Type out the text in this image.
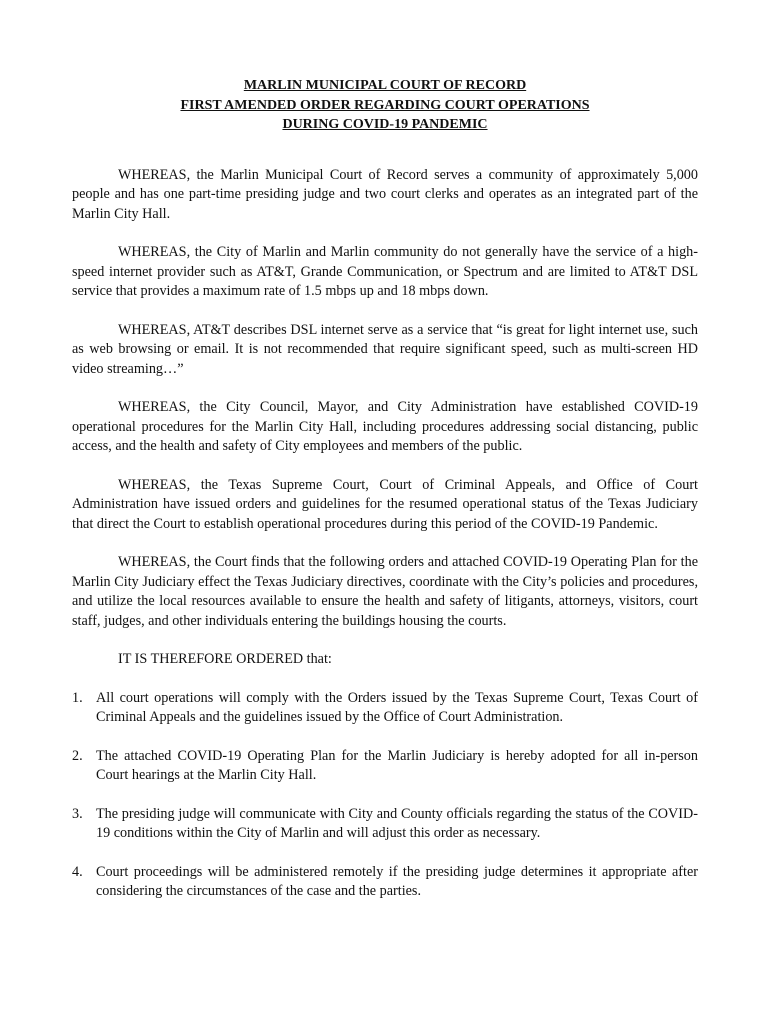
MARLIN MUNICIPAL COURT OF RECORD
FIRST AMENDED ORDER REGARDING COURT OPERATIONS
DURING COVID-19 PANDEMIC

WHEREAS, the Marlin Municipal Court of Record serves a community of approximately 5,000 people and has one part-time presiding judge and two court clerks and operates as an integrated part of the Marlin City Hall.

WHEREAS, the City of Marlin and Marlin community do not generally have the service of a high-speed internet provider such as AT&T, Grande Communication, or Spectrum and are limited to AT&T DSL service that provides a maximum rate of 1.5 mbps up and 18 mbps down.

WHEREAS, AT&T describes DSL internet serve as a service that “is great for light internet use, such as web browsing or email. It is not recommended that require significant speed, such as multi-screen HD video streaming…”

WHEREAS, the City Council, Mayor, and City Administration have established COVID-19 operational procedures for the Marlin City Hall, including procedures addressing social distancing, public access, and the health and safety of City employees and members of the public.

WHEREAS, the Texas Supreme Court, Court of Criminal Appeals, and Office of Court Administration have issued orders and guidelines for the resumed operational status of the Texas Judiciary that direct the Court to establish operational procedures during this period of the COVID-19 Pandemic.

WHEREAS, the Court finds that the following orders and attached COVID-19 Operating Plan for the Marlin City Judiciary effect the Texas Judiciary directives, coordinate with the City’s policies and procedures, and utilize the local resources available to ensure the health and safety of litigants, attorneys, visitors, court staff, judges, and other individuals entering the buildings housing the courts.

IT IS THEREFORE ORDERED that:

1. All court operations will comply with the Orders issued by the Texas Supreme Court, Texas Court of Criminal Appeals and the guidelines issued by the Office of Court Administration.
2. The attached COVID-19 Operating Plan for the Marlin Judiciary is hereby adopted for all in-person Court hearings at the Marlin City Hall.
3. The presiding judge will communicate with City and County officials regarding the status of the COVID-19 conditions within the City of Marlin and will adjust this order as necessary.
4. Court proceedings will be administered remotely if the presiding judge determines it appropriate after considering the circumstances of the case and the parties.
